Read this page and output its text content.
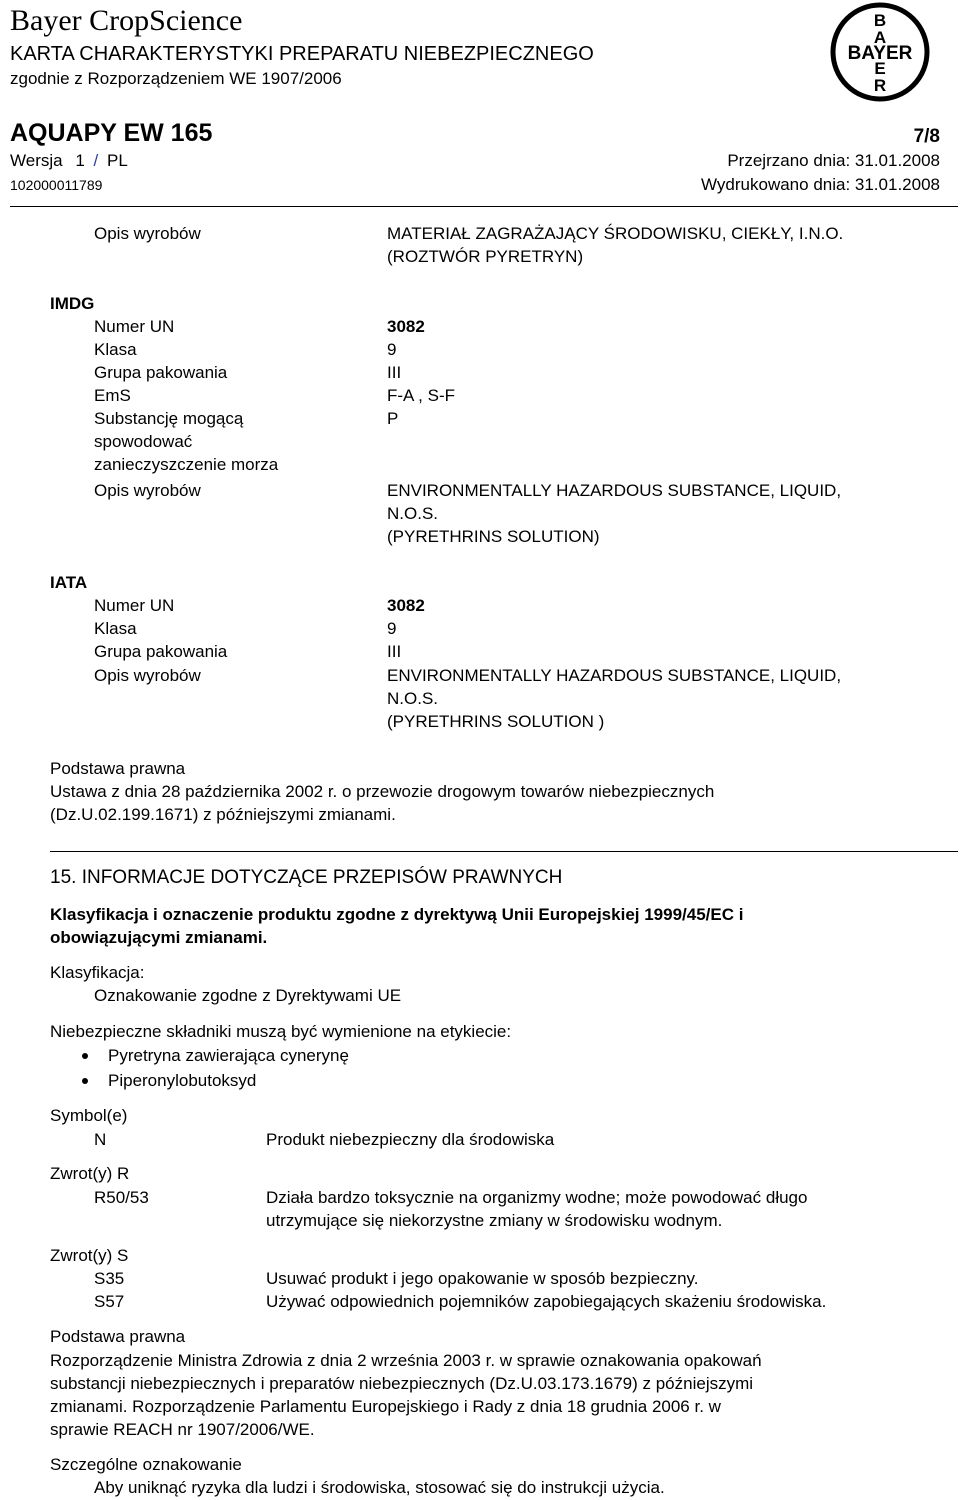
Bayer CropScience
KARTA CHARAKTERYSTYKI PREPARATU NIEBEZPIECZNEGO
zgodnie z Rozporządzeniem WE 1907/2006
B
A
E
R
BAYER
AQUAPY EW 165	7/8
Wersja 1 / PL	Przejrzano dnia: 31.01.2008
102000011789	Wydrukowano dnia: 31.01.2008
Opis wyrobów	MATERIAŁ ZAGRAŻAJĄCY ŚRODOWISKU, CIEKŁY, I.N.O.
(ROZTWÓR PYRETRYN)
IMDG
Numer UN	3082
Klasa	9
Grupa pakowania	III
EmS	F-A , S-F
Substancję mogącą	P
spowodować
zanieczyszczenie morza
Opis wyrobów	ENVIRONMENTALLY HAZARDOUS SUBSTANCE, LIQUID,
N.O.S.
(PYRETHRINS SOLUTION)
IATA
Numer UN	3082
Klasa	9
Grupa pakowania	III
Opis wyrobów	ENVIRONMENTALLY HAZARDOUS SUBSTANCE, LIQUID,
N.O.S.
(PYRETHRINS SOLUTION )
Podstawa prawna
Ustawa z dnia 28 października 2002 r. o przewozie drogowym towarów niebezpiecznych
(Dz.U.02.199.1671) z późniejszymi zmianami.
15. INFORMACJE DOTYCZĄCE PRZEPISÓW PRAWNYCH
Klasyfikacja i oznaczenie produktu zgodne z dyrektywą Unii Europejskiej 1999/45/EC i
obowiązującymi zmianami.
Klasyfikacja:
Oznakowanie zgodne z Dyrektywami UE
Niebezpieczne składniki muszą być wymienione na etykiecie:
Pyretryna zawierająca cynerynę
Piperonylobutoksyd
Symbol(e)
N	Produkt niebezpieczny dla środowiska
Zwrot(y) R
R50/53	Działa bardzo toksycznie na organizmy wodne; może powodować długo
utrzymujące się niekorzystne zmiany w środowisku wodnym.
Zwrot(y) S
S35	Usuwać produkt i jego opakowanie w sposób bezpieczny.
S57	Używać odpowiednich pojemników zapobiegających skażeniu środowiska.
Podstawa prawna
Rozporządzenie Ministra Zdrowia z dnia 2 września 2003 r. w sprawie oznakowania opakowań
substancji niebezpiecznych i preparatów niebezpiecznych (Dz.U.03.173.1679) z późniejszymi
zmianami. Rozporządzenie Parlamentu Europejskiego i Rady z dnia 18 grudnia 2006 r. w
sprawie REACH nr 1907/2006/WE.
Szczególne oznakowanie
Aby uniknąć ryzyka dla ludzi i środowiska, stosować się do instrukcji użycia.
